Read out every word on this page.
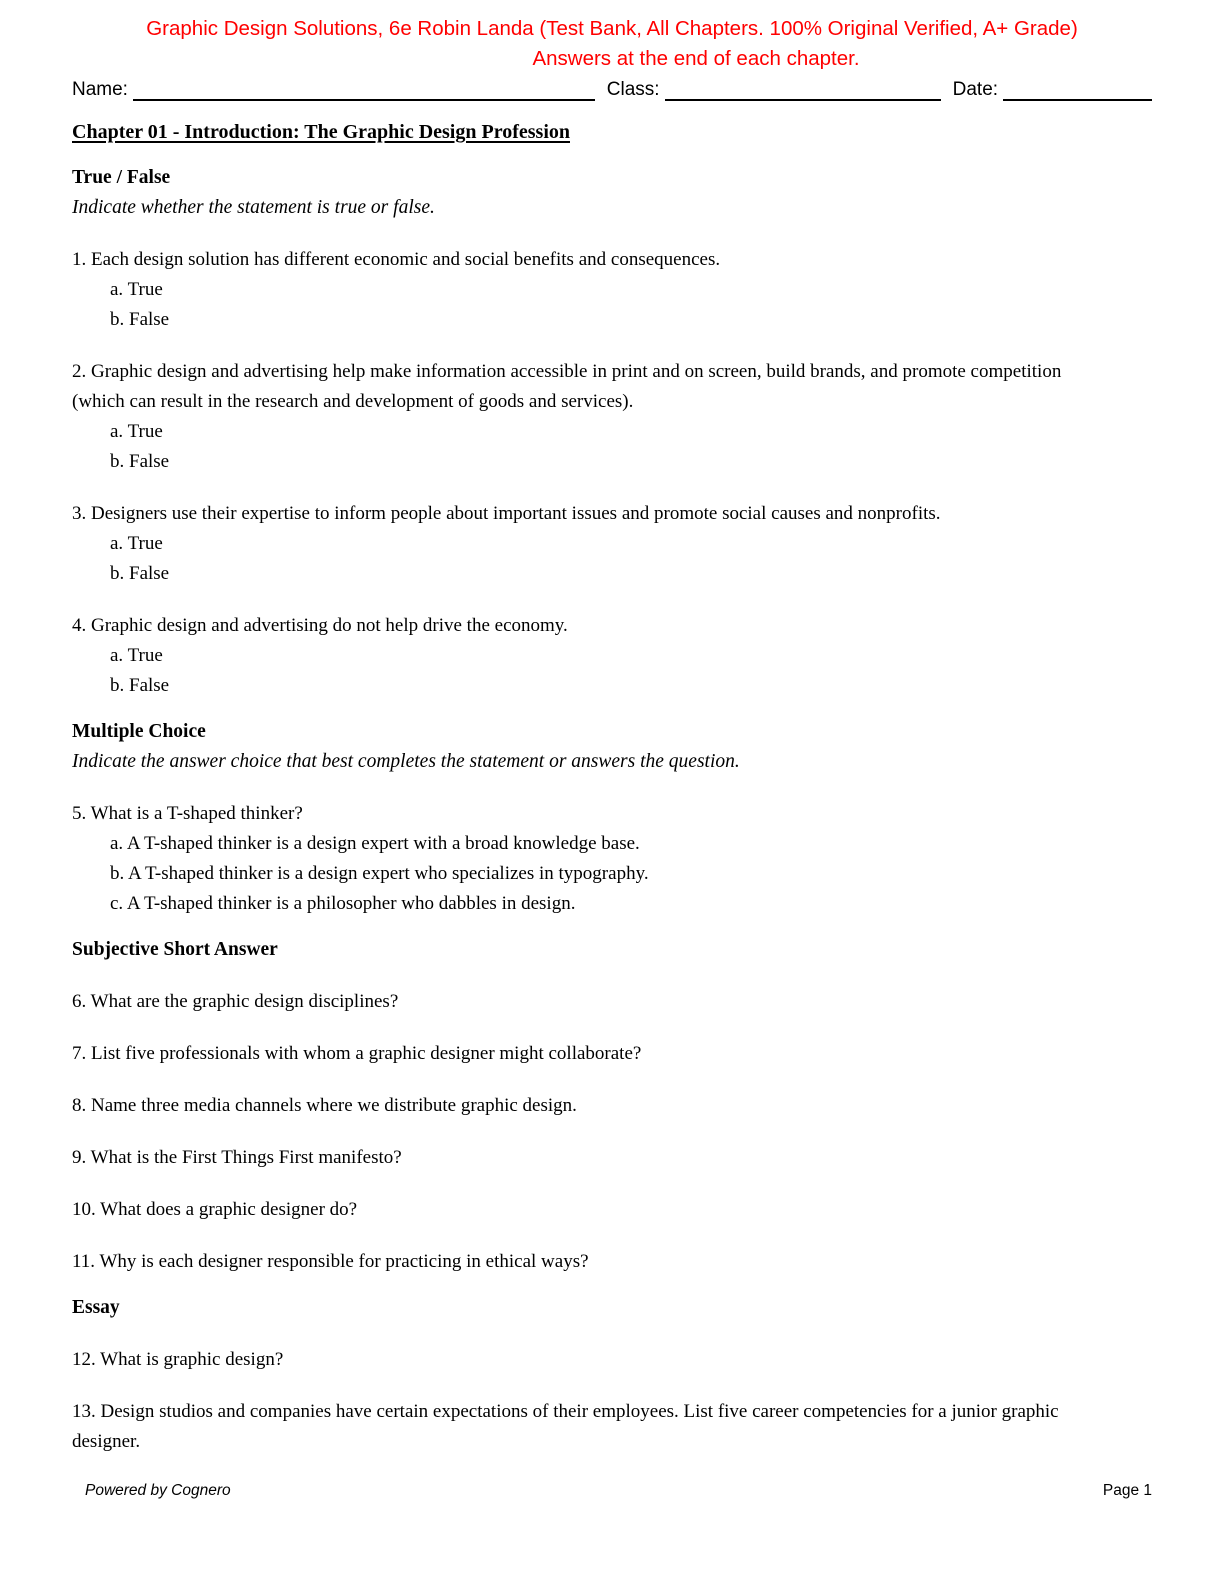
Graphic Design Solutions, 6e Robin Landa (Test Bank, All Chapters. 100% Original Verified, A+ Grade)
Answers at the end of each chapter.
Name:	Class:	Date:
Chapter 01 - Introduction: The Graphic Design Profession
True / False
Indicate whether the statement is true or false.
1. Each design solution has different economic and social benefits and consequences.
a. True
b. False
2. Graphic design and advertising help make information accessible in print and on screen, build brands, and promote competition (which can result in the research and development of goods and services).
a. True
b. False
3. Designers use their expertise to inform people about important issues and promote social causes and nonprofits.
a. True
b. False
4. Graphic design and advertising do not help drive the economy.
a. True
b. False
Multiple Choice
Indicate the answer choice that best completes the statement or answers the question.
5. What is a T-shaped thinker?
a. A T-shaped thinker is a design expert with a broad knowledge base.
b. A T-shaped thinker is a design expert who specializes in typography.
c. A T-shaped thinker is a philosopher who dabbles in design.
Subjective Short Answer
6. What are the graphic design disciplines?
7. List five professionals with whom a graphic designer might collaborate?
8. Name three media channels where we distribute graphic design.
9. What is the First Things First manifesto?
10. What does a graphic designer do?
11. Why is each designer responsible for practicing in ethical ways?
Essay
12. What is graphic design?
13. Design studios and companies have certain expectations of their employees. List five career competencies for a junior graphic designer.
Powered by Cognero	Page 1
